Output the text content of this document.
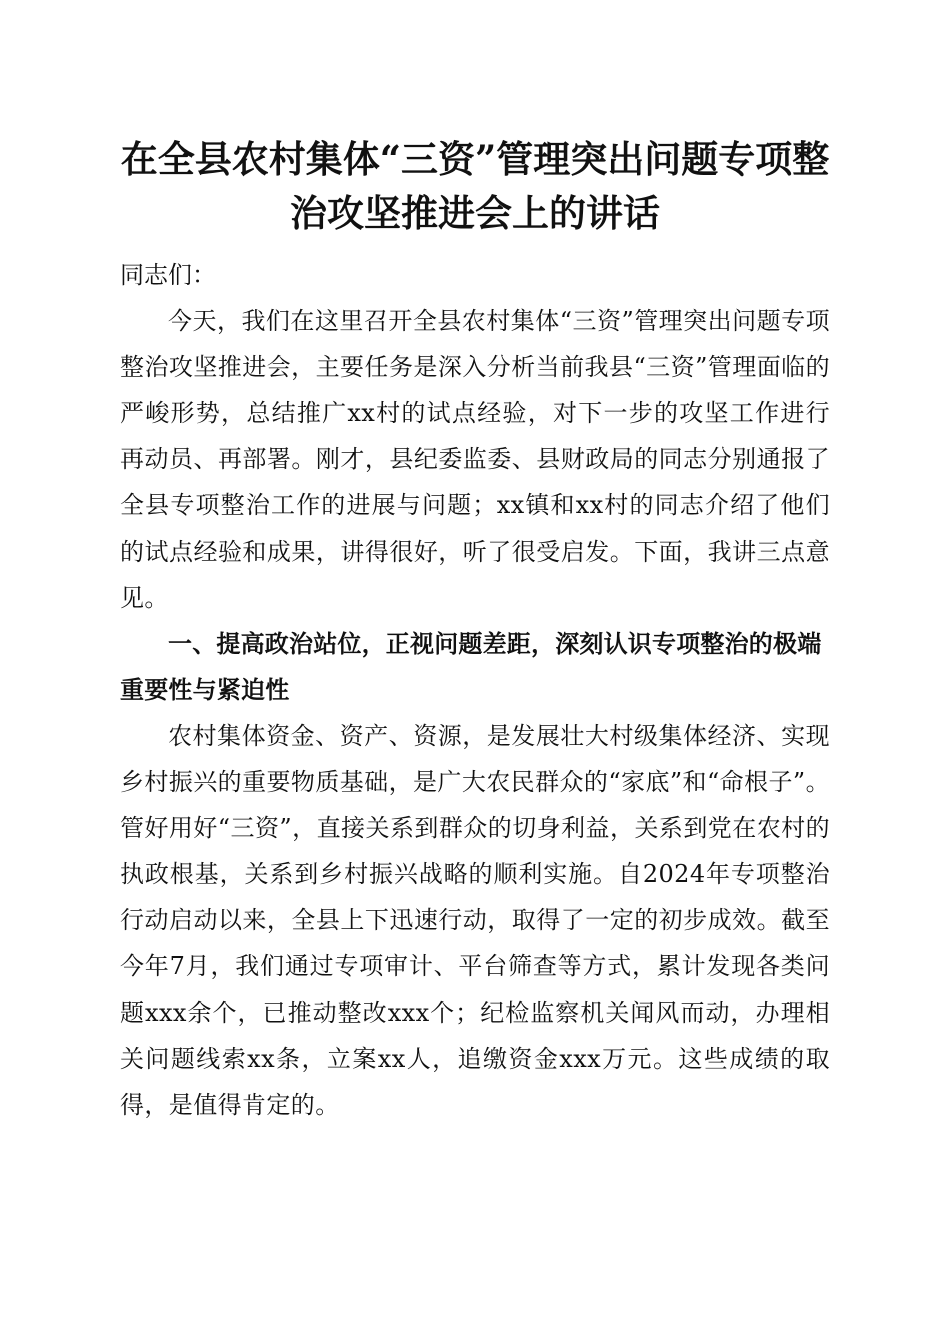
在全县农村集体“三资”管理突出问题专项整
治攻坚推进会上的讲话

同志们：

今天，我们在这里召开全县农村集体“三资”管理突出问题专项整治攻坚推进会，主要任务是深入分析当前我县“三资”管理面临的严峻形势，总结推广xx村的试点经验，对下一步的攻坚工作进行再动员、再部署。刚才，县纪委监委、县财政局的同志分别通报了全县专项整治工作的进展与问题；xx镇和xx村的同志介绍了他们的试点经验和成果，讲得很好，听了很受启发。下面，我讲三点意见。

一、提高政治站位，正视问题差距，深刻认识专项整治的极端重要性与紧迫性

农村集体资金、资产、资源，是发展壮大村级集体经济、实现乡村振兴的重要物质基础，是广大农民群众的“家底”和“命根子”。管好用好“三资”，直接关系到群众的切身利益，关系到党在农村的执政根基，关系到乡村振兴战略的顺利实施。自2024年专项整治行动启动以来，全县上下迅速行动，取得了一定的初步成效。截至今年7月，我们通过专项审计、平台筛查等方式，累计发现各类问题xxx余个，已推动整改xxx个；纪检监察机关闻风而动，办理相关问题线索xx条，立案xx人，追缴资金xxx万元。这些成绩的取得，是值得肯定的。
